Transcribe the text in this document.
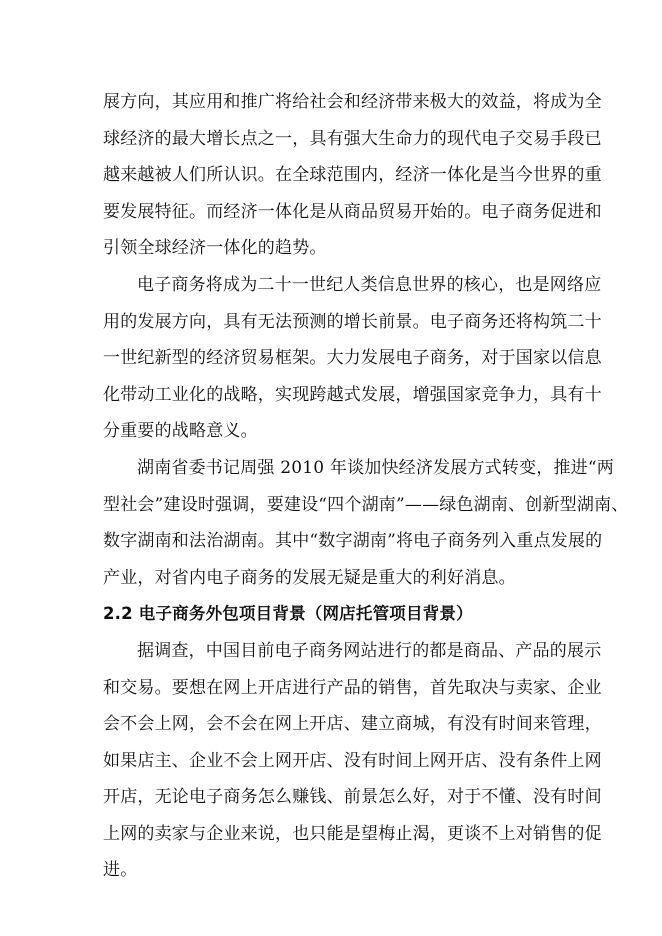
展方向，其应用和推广将给社会和经济带来极大的效益，将成为全
球经济的最大增长点之一，具有强大生命力的现代电子交易手段已
越来越被人们所认识。在全球范围内，经济一体化是当今世界的重
要发展特征。而经济一体化是从商品贸易开始的。电子商务促进和
引领全球经济一体化的趋势。
电子商务将成为二十一世纪人类信息世界的核心，也是网络应
用的发展方向，具有无法预测的增长前景。电子商务还将构筑二十
一世纪新型的经济贸易框架。大力发展电子商务，对于国家以信息
化带动工业化的战略，实现跨越式发展，增强国家竞争力，具有十
分重要的战略意义。
湖南省委书记周强 2010 年谈加快经济发展方式转变，推进“两
型社会”建设时强调，要建设“四个湖南”——绿色湖南、创新型湖南、
数字湖南和法治湖南。其中“数字湖南”将电子商务列入重点发展的
产业，对省内电子商务的发展无疑是重大的利好消息。
2.2 电子商务外包项目背景（网店托管项目背景）
据调查，中国目前电子商务网站进行的都是商品、产品的展示
和交易。要想在网上开店进行产品的销售，首先取决与卖家、企业
会不会上网，会不会在网上开店、建立商城，有没有时间来管理，
如果店主、企业不会上网开店、没有时间上网开店、没有条件上网
开店，无论电子商务怎么赚钱、前景怎么好，对于不懂、没有时间
上网的卖家与企业来说，也只能是望梅止渴，更谈不上对销售的促
进。
